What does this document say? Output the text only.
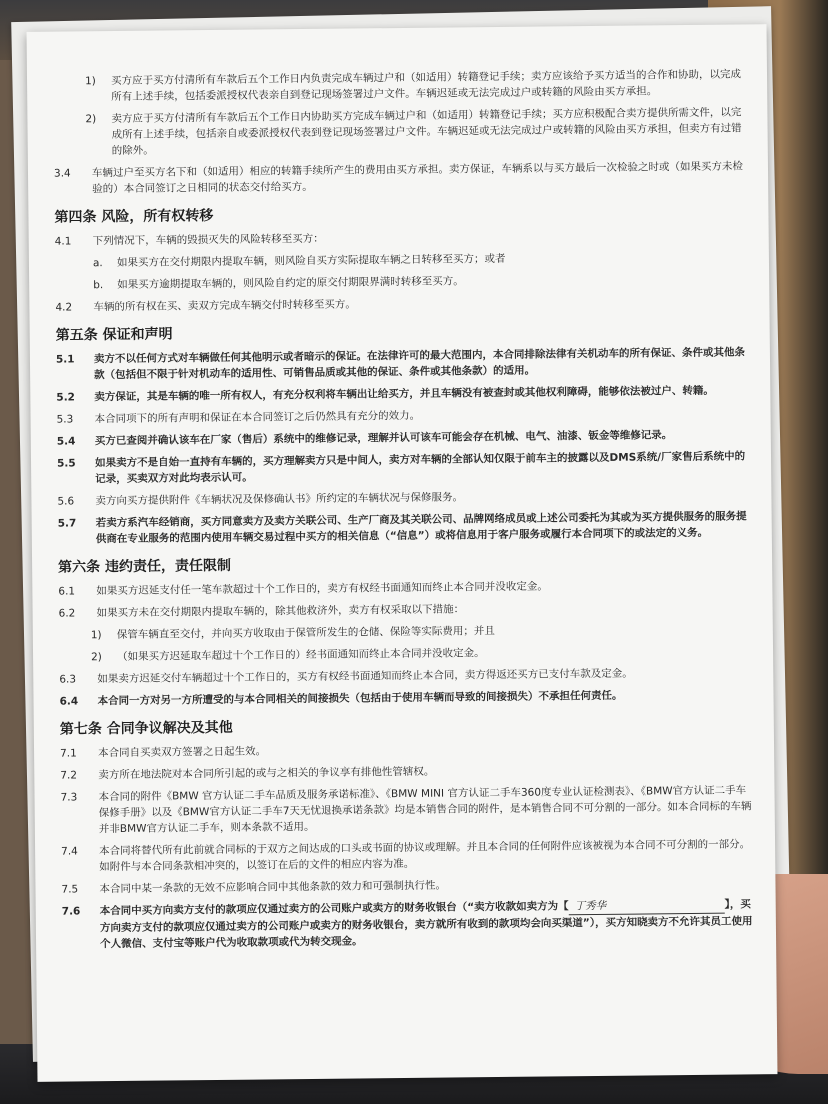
1)	买方应于买方付清所有车款后五个工作日内负责完成车辆过户和（如适用）转籍登记手续；卖方应该给予买方适当的合作和协助，以完成所有上述手续，包括委派授权代表亲自到登记现场签署过户文件。车辆迟延或无法完成过户或转籍的风险由买方承担。
2)	卖方应于买方付清所有车款后五个工作日内协助买方完成车辆过户和（如适用）转籍登记手续；买方应积极配合卖方提供所需文件，以完成所有上述手续，包括亲自或委派授权代表到登记现场签署过户文件。车辆迟延或无法完成过户或转籍的风险由买方承担，但卖方有过错的除外。
3.4	车辆过户至买方名下和（如适用）相应的转籍手续所产生的费用由买方承担。卖方保证，车辆系以与买方最后一次检验之时或（如果买方未检验的）本合同签订之日相同的状态交付给买方。
第四条 风险，所有权转移
4.1	下列情况下，车辆的毁损灭失的风险转移至买方：
a.	如果买方在交付期限内提取车辆，则风险自买方实际提取车辆之日转移至买方；或者
b.	如果买方逾期提取车辆的，则风险自约定的原交付期限界满时转移至买方。
4.2	车辆的所有权在买、卖双方完成车辆交付时转移至买方。
第五条 保证和声明
5.1	卖方不以任何方式对车辆做任何其他明示或者暗示的保证。在法律许可的最大范围内，本合同排除法律有关机动车的所有保证、条件或其他条款（包括但不限于针对机动车的适用性、可销售品质或其他的保证、条件或其他条款）的适用。
5.2	卖方保证，其是车辆的唯一所有权人，有充分权利将车辆出让给买方，并且车辆没有被查封或其他权利障碍，能够依法被过户、转籍。
5.3	本合同项下的所有声明和保证在本合同签订之后仍然具有充分的效力。
5.4	买方已查阅并确认该车在厂家（售后）系统中的维修记录，理解并认可该车可能会存在机械、电气、油漆、钣金等维修记录。
5.5	如果卖方不是自始一直持有车辆的，买方理解卖方只是中间人，卖方对车辆的全部认知仅限于前车主的披露以及DMS系统/厂家售后系统中的记录，买卖双方对此均表示认可。
5.6	卖方向买方提供附件《车辆状况及保修确认书》所约定的车辆状况与保修服务。
5.7	若卖方系汽车经销商，买方同意卖方及卖方关联公司、生产厂商及其关联公司、品牌网络成员或上述公司委托为其或为买方提供服务的服务提供商在专业服务的范围内使用车辆交易过程中买方的相关信息（“信息”）或将信息用于客户服务或履行本合同项下的或法定的义务。
第六条 违约责任，责任限制
6.1	如果买方迟延支付任一笔车款超过十个工作日的，卖方有权经书面通知而终止本合同并没收定金。
6.2	如果买方未在交付期限内提取车辆的，除其他救济外，卖方有权采取以下措施：
1)	保管车辆直至交付，并向买方收取由于保管所发生的仓储、保险等实际费用；并且
2)	（如果买方迟延取车超过十个工作日的）经书面通知而终止本合同并没收定金。
6.3	如果卖方迟延交付车辆超过十个工作日的，买方有权经书面通知而终止本合同，卖方得返还买方已支付车款及定金。
6.4	本合同一方对另一方所遭受的与本合同相关的间接损失（包括由于使用车辆而导致的间接损失）不承担任何责任。
第七条 合同争议解决及其他
7.1	本合同自买卖双方签署之日起生效。
7.2	卖方所在地法院对本合同所引起的或与之相关的争议享有排他性管辖权。
7.3	本合同的附件《BMW 官方认证二手车品质及服务承诺标准》、《BMW MINI 官方认证二手车360度专业认证检测表》、《BMW官方认证二手车保修手册》以及《BMW官方认证二手车7天无忧退换承诺条款》均是本销售合同的附件，是本销售合同不可分割的一部分。如本合同标的车辆并非BMW官方认证二手车，则本条款不适用。
7.4	本合同将替代所有此前就合同标的于双方之间达成的口头或书面的协议或理解。并且本合同的任何附件应该被视为本合同不可分割的一部分。如附件与本合同条款相冲突的，以签订在后的文件的相应内容为准。
7.5	本合同中某一条款的无效不应影响合同中其他条款的效力和可强制执行性。
7.6	本合同中买方向卖方支付的款项应仅通过卖方的公司账户或卖方的财务收银台（“卖方收款如卖方为【 丁秀华	】，买方向卖方支付的款项应仅通过卖方的公司账户或卖方的财务收银台，卖方就所有收到的款项均会向买渠道”），买方知晓卖方不允许其员工使用个人微信、支付宝等账户代为收取款项或代为转交现金。
